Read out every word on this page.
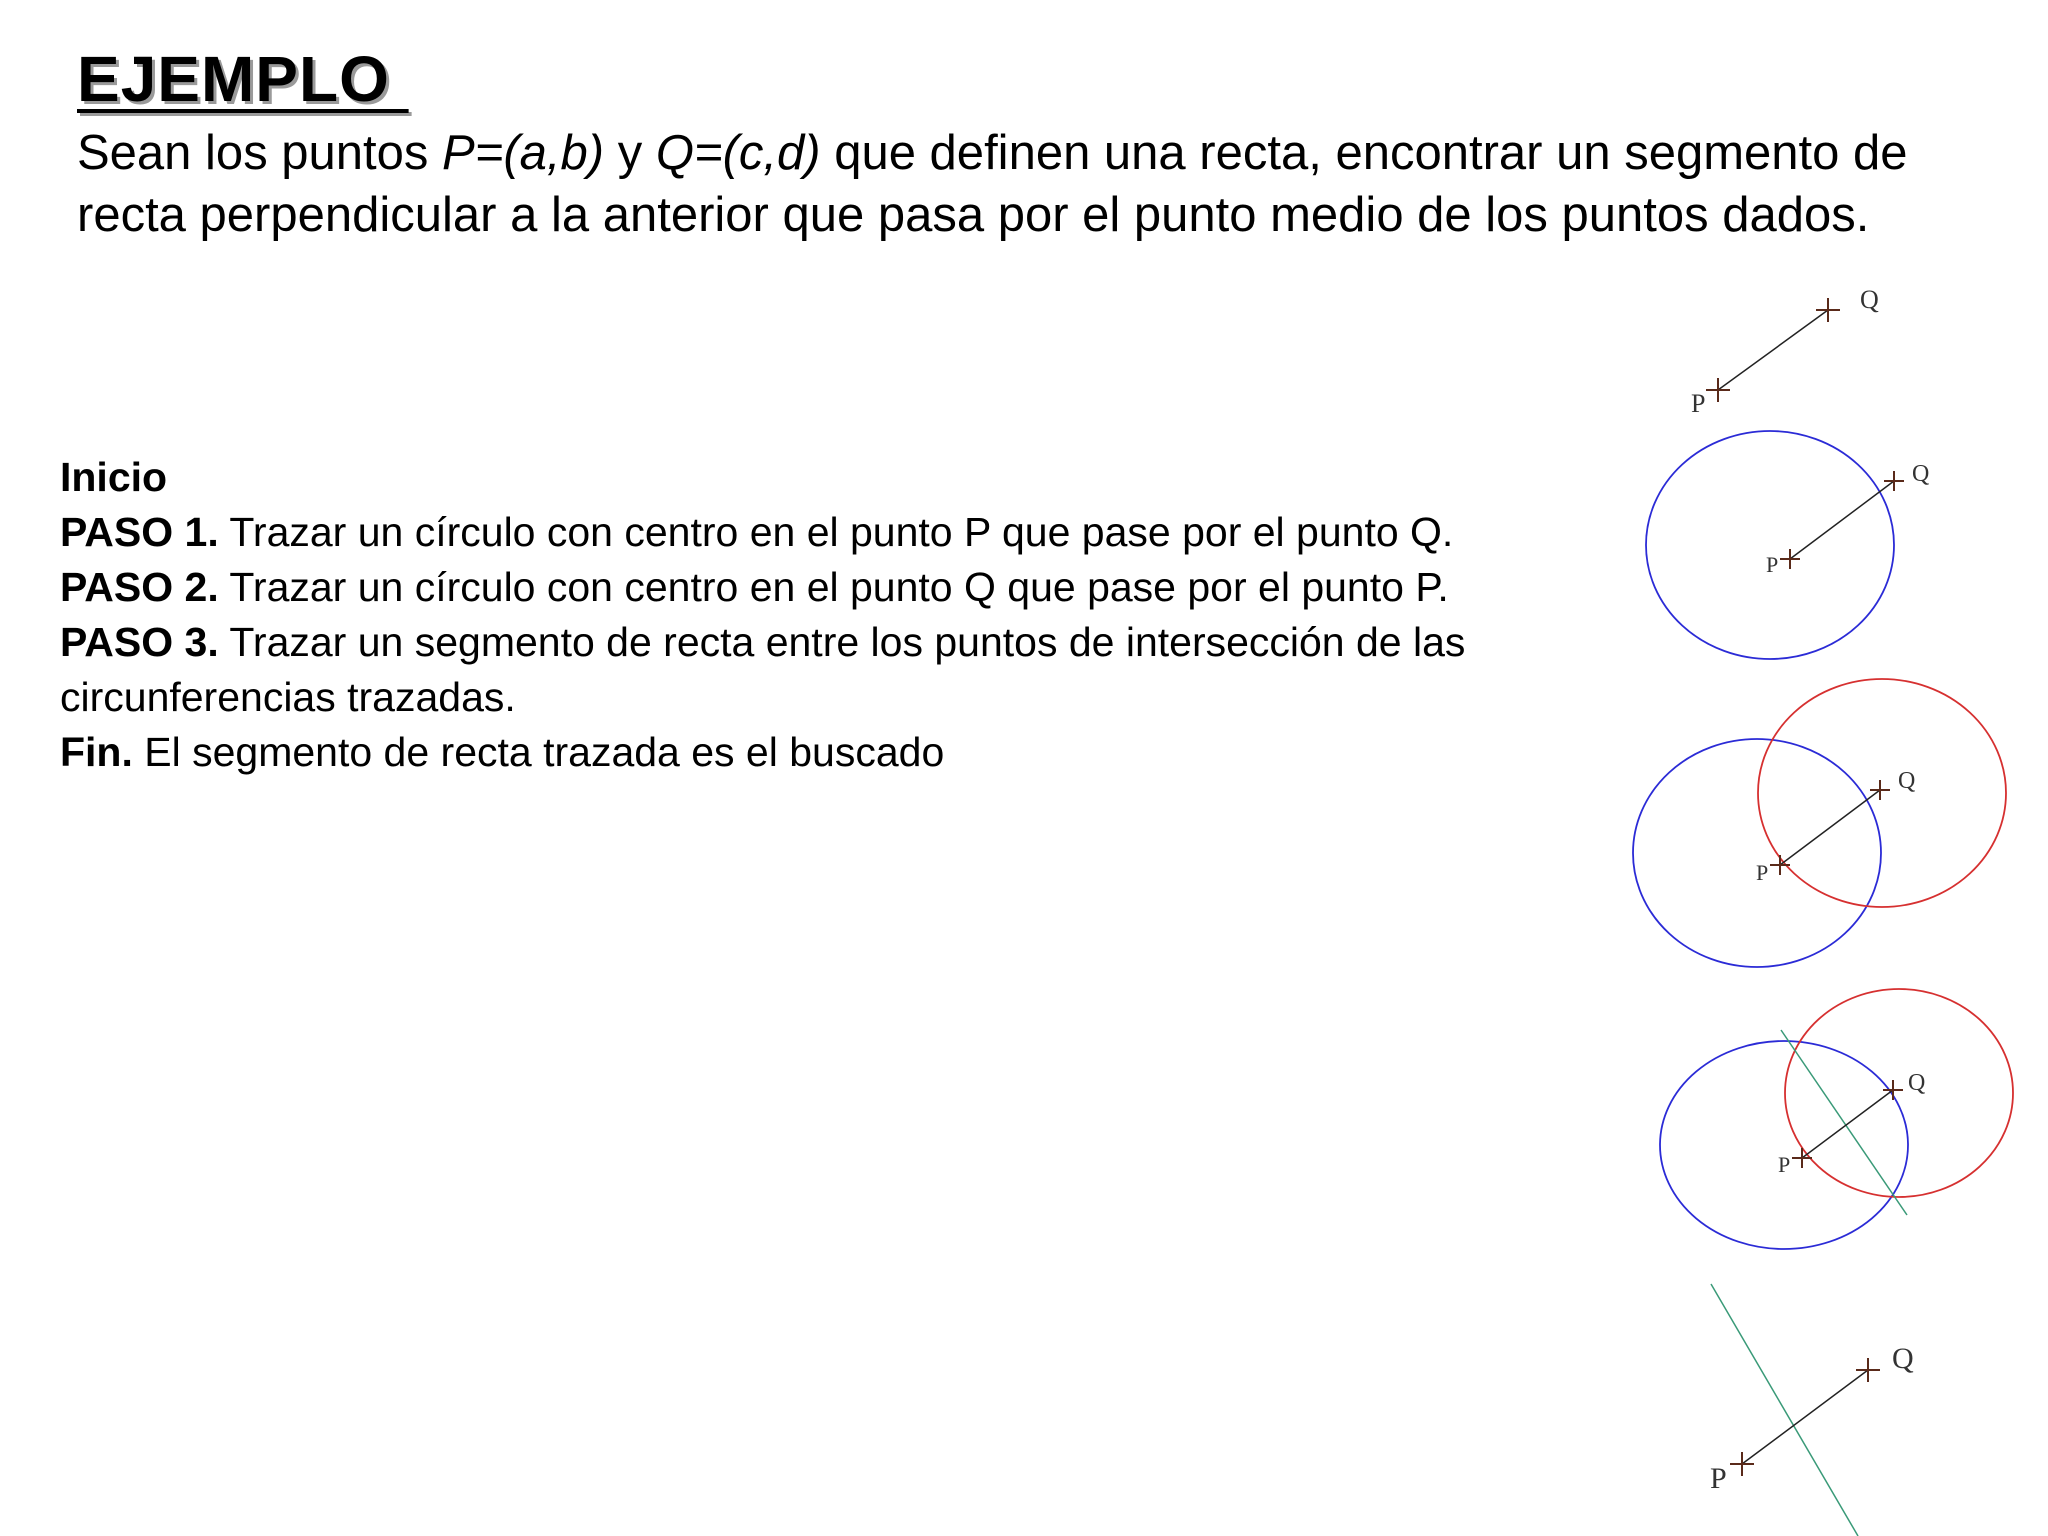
EJEMPLO

Sean los puntos P=(a,b) y Q=(c,d) que definen una recta, encontrar un segmento de recta perpendicular a la anterior que pasa por el punto medio de los puntos dados.

Inicio

PASO 1. Trazar un círculo con centro en el punto P que pase por el punto Q.

PASO 2. Trazar un círculo con centro en el punto Q que pase por el punto P.

PASO 3. Trazar un segmento de recta entre los puntos de intersección de las circunferencias trazadas.

Fin. El segmento de recta trazada es el buscado

P
Q
P
Q
P
Q
P
Q
P
Q
